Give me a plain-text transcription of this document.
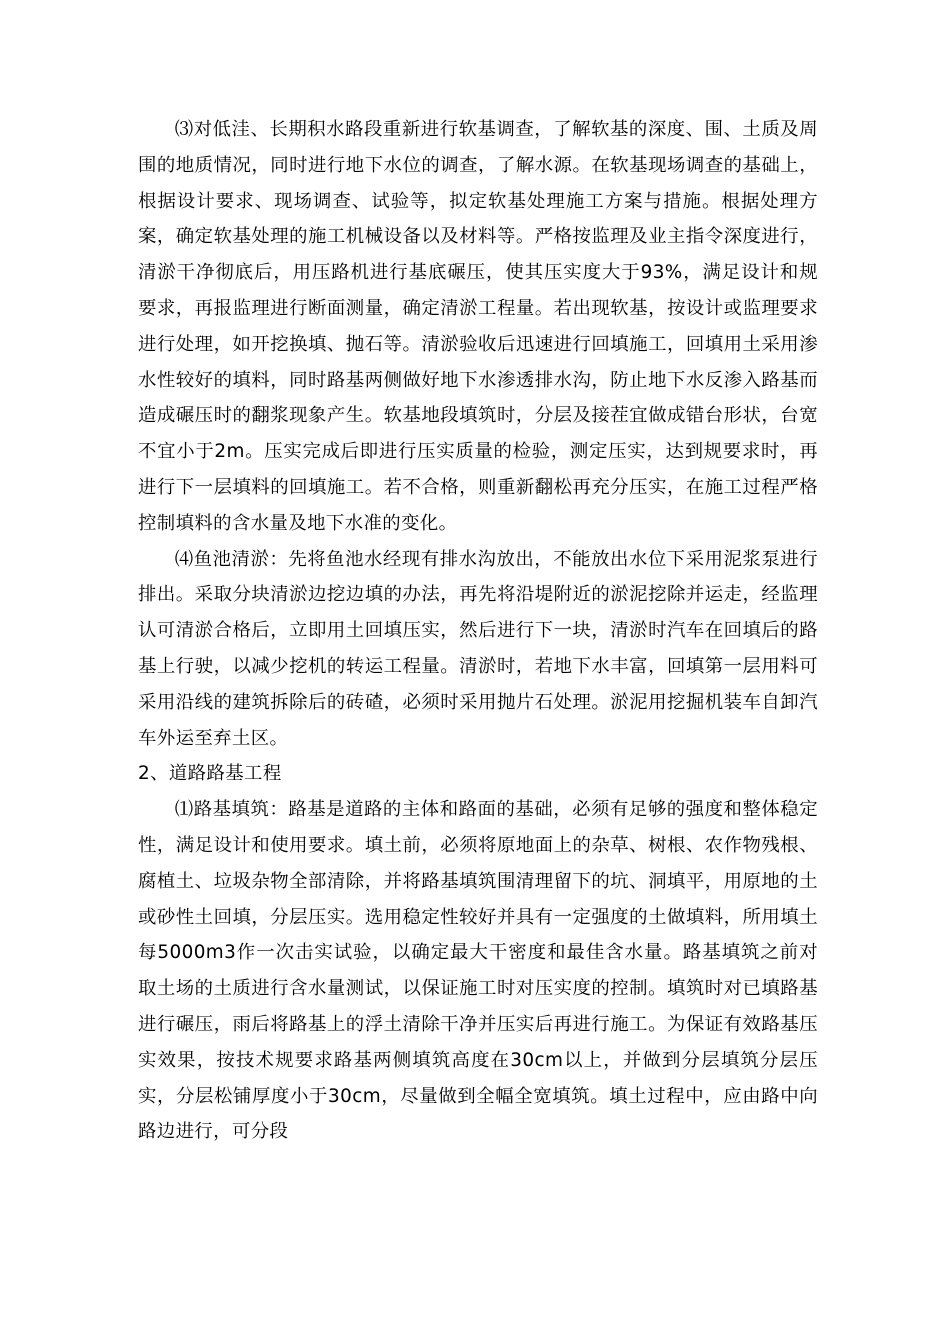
⑶对低洼、长期积水路段重新进行软基调查，了解软基的深度、围、土质及周围的地质情况，同时进行地下水位的调查，了解水源。在软基现场调查的基础上，根据设计要求、现场调查、试验等，拟定软基处理施工方案与措施。根据处理方案，确定软基处理的施工机械设备以及材料等。严格按监理及业主指令深度进行，清淤干净彻底后，用压路机进行基底碾压，使其压实度大于93%，满足设计和规要求，再报监理进行断面测量，确定清淤工程量。若出现软基，按设计或监理要求进行处理，如开挖换填、抛石等。清淤验收后迅速进行回填施工，回填用土采用渗水性较好的填料，同时路基两侧做好地下水渗透排水沟，防止地下水反渗入路基而造成碾压时的翻浆现象产生。软基地段填筑时，分层及接茬宜做成错台形状，台宽不宜小于2m。压实完成后即进行压实质量的检验，测定压实，达到规要求时，再进行下一层填料的回填施工。若不合格，则重新翻松再充分压实，在施工过程严格控制填料的含水量及地下水准的变化。

⑷鱼池清淤：先将鱼池水经现有排水沟放出，不能放出水位下采用泥浆泵进行排出。采取分块清淤边挖边填的办法，再先将沿堤附近的淤泥挖除并运走，经监理认可清淤合格后，立即用土回填压实，然后进行下一块，清淤时汽车在回填后的路基上行驶，以减少挖机的转运工程量。清淤时，若地下水丰富，回填第一层用料可采用沿线的建筑拆除后的砖碴，必须时采用抛片石处理。淤泥用挖掘机装车自卸汽车外运至弃土区。

2、道路路基工程

⑴路基填筑：路基是道路的主体和路面的基础，必须有足够的强度和整体稳定性，满足设计和使用要求。填土前，必须将原地面上的杂草、树根、农作物残根、腐植土、垃圾杂物全部清除，并将路基填筑围清理留下的坑、洞填平，用原地的土或砂性土回填，分层压实。选用稳定性较好并具有一定强度的土做填料，所用填土每5000m3作一次击实试验，以确定最大干密度和最佳含水量。路基填筑之前对取土场的土质进行含水量测试，以保证施工时对压实度的控制。填筑时对已填路基进行碾压，雨后将路基上的浮土清除干净并压实后再进行施工。为保证有效路基压实效果，按技术规要求路基两侧填筑高度在30cm以上，并做到分层填筑分层压实，分层松铺厚度小于30cm，尽量做到全幅全宽填筑。填土过程中，应由路中向路边进行，可分段
